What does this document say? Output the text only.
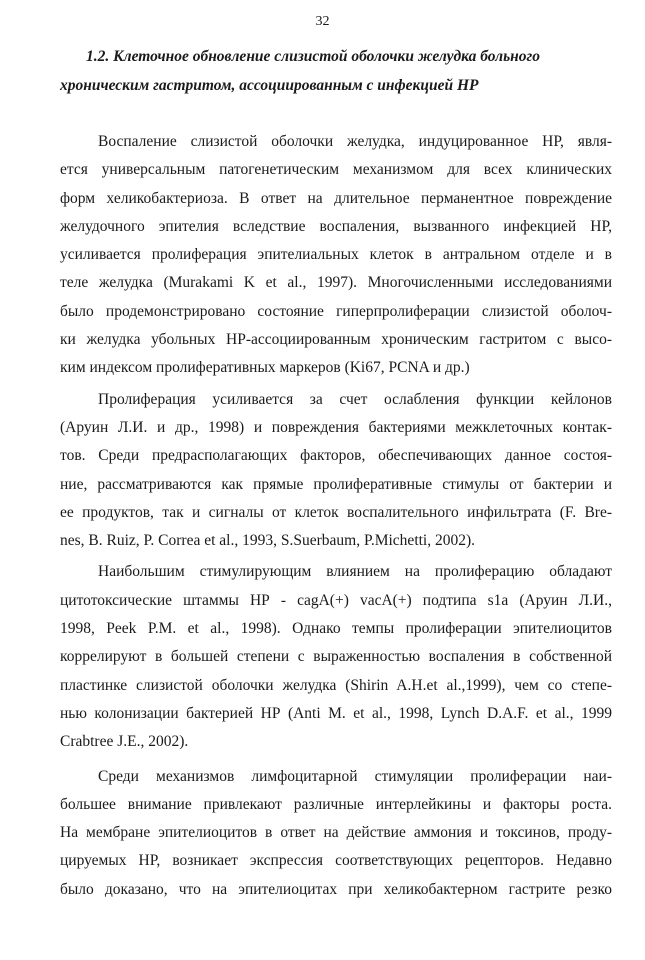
32
1.2. Клеточное обновление слизистой оболочки желудка больного
хроническим гастритом, ассоциированным с инфекцией НР
Воспаление слизистой оболочки желудка, индуцированное НР, явля-
ется универсальным патогенетическим механизмом для всех клинических
форм хеликобактериоза. В ответ на длительное перманентное повреждение
желудочного эпителия вследствие воспаления, вызванного инфекцией НР,
усиливается пролиферация эпителиальных клеток в антральном отделе и в
теле желудка (Murakami K et al., 1997). Многочисленными исследованиями
было продемонстрировано состояние гиперпролиферации слизистой оболоч-
ки желудка убольных НР-ассоциированным хроническим гастритом с высо-
ким индексом пролиферативных маркеров (Ki67, PCNA и др.)
Пролиферация усиливается за счет ослабления функции кейлонов
(Аруин Л.И. и др., 1998) и повреждения бактериями межклеточных контак-
тов. Среди предрасполагающих факторов, обеспечивающих данное состоя-
ние, рассматриваются как прямые пролиферативные стимулы от бактерии и
ее продуктов, так и сигналы от клеток воспалительного инфильтрата (F. Bre-
nes, B. Ruiz, P. Correa et al., 1993, S.Suerbaum, P.Michetti, 2002).
Наибольшим стимулирующим влиянием на пролиферацию обладают
цитотоксические штаммы НР - cagA(+) vacA(+) подтипа s1a (Аруин Л.И.,
1998, Peek P.M. et al., 1998). Однако темпы пролиферации эпителиоцитов
коррелируют в большей степени с выраженностью воспаления в собственной
пластинке слизистой оболочки желудка (Shirin A.H.et al.,1999), чем со степе-
нью колонизации бактерией НР (Anti M. et al., 1998, Lynch D.A.F. et al., 1999
Crabtree J.E., 2002).
Среди механизмов лимфоцитарной стимуляции пролиферации наи-
большее внимание привлекают различные интерлейкины и факторы роста.
На мембране эпителиоцитов в ответ на действие аммония и токсинов, проду-
цируемых НР, возникает экспрессия соответствующих рецепторов. Недавно
было доказано, что на эпителиоцитах при хеликобактерном гастрите резко
